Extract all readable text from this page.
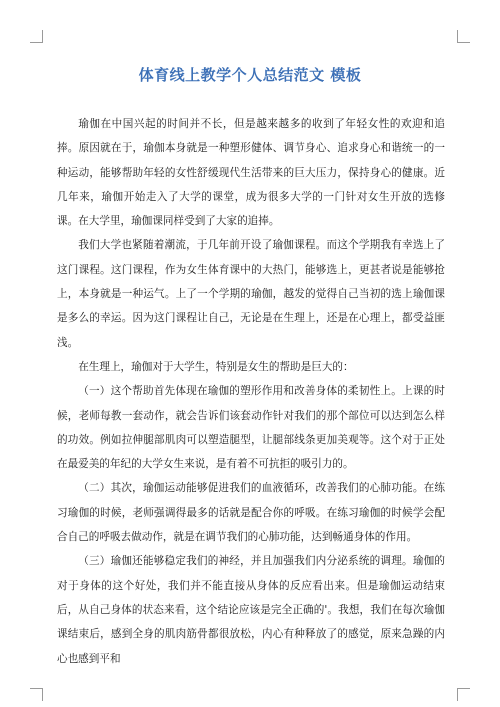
体育线上教学个人总结范文 模板

瑜伽在中国兴起的时间并不长，但是越来越多的收到了年轻女性的欢迎和追捧。原因就在于，瑜伽本身就是一种塑形健体、调节身心、追求身心和谐统一的一种运动，能够帮助年轻的女性舒缓现代生活带来的巨大压力，保持身心的健康。近几年来，瑜伽开始走入了大学的课堂，成为很多大学的一门针对女生开放的选修课。在大学里，瑜伽课同样受到了大家的追捧。

我们大学也紧随着潮流，于几年前开设了瑜伽课程。而这个学期我有幸选上了这门课程。这门课程，作为女生体育课中的大热门，能够选上，更甚者说是能够抢上，本身就是一种运气。上了一个学期的瑜伽，越发的觉得自己当初的选上瑜伽课是多么的幸运。因为这门课程让自己，无论是在生理上，还是在心理上，都受益匪浅。

在生理上，瑜伽对于大学生，特别是女生的帮助是巨大的：

（一）这个帮助首先体现在瑜伽的塑形作用和改善身体的柔韧性上。上课的时候，老师每教一套动作，就会告诉们该套动作针对我们的那个部位可以达到怎么样的功效。例如拉伸腿部肌肉可以塑造腿型，让腿部线条更加美观等。这个对于正处在最爱美的年纪的大学女生来说，是有着不可抗拒的吸引力的。

（二）其次，瑜伽运动能够促进我们的血液循环，改善我们的心肺功能。在练习瑜伽的时候，老师强调得最多的话就是配合你的呼吸。在练习瑜伽的时候学会配合自己的呼吸去做动作，就是在调节我们的心肺功能，达到畅通身体的作用。

（三）瑜伽还能够稳定我们的神经，并且加强我们内分泌系统的调理。瑜伽的对于身体的这个好处，我们并不能直接从身体的反应看出来。但是瑜伽运动结束后，从自己身体的状态来看，这个结论应该是完全正确的'。我想，我们在每次瑜伽课结束后，感到全身的肌肉筋骨都很放松，内心有种释放了的感觉，原来急躁的内心也感到平和
